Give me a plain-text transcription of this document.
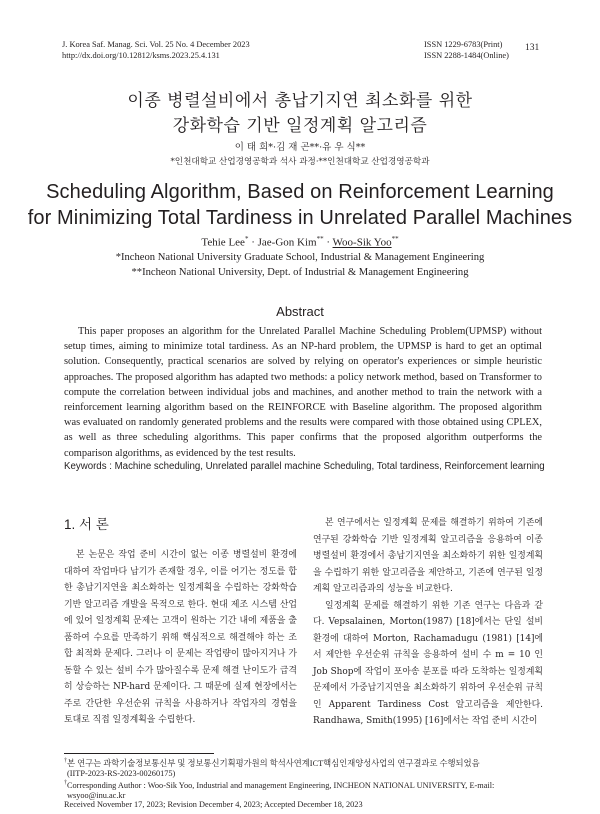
J. Korea Saf. Manag. Sci. Vol. 25 No. 4 December 2023
http://dx.doi.org/10.12812/ksms.2023.25.4.131
ISSN 1229-6783(Print)
ISSN 2288-1484(Online)
131
이종 병렬설비에서 총납기지연 최소화를 위한
강화학습 기반 일정계획 알고리즘
이 태 희*·김 재 곤**·유 우 식**
*인천대학교 산업경영공학과 석사 과정·**인천대학교 산업경영공학과
Scheduling Algorithm, Based on Reinforcement Learning
for Minimizing Total Tardiness in Unrelated Parallel Machines
Tehie Lee* · Jae-Gon Kim** · Woo-Sik Yoo**
*Incheon National University Graduate School, Industrial & Management Engineering
**Incheon National University, Dept. of Industrial & Management Engineering
Abstract
This paper proposes an algorithm for the Unrelated Parallel Machine Scheduling Problem(UPMSP) without setup times, aiming to minimize total tardiness. As an NP-hard problem, the UPMSP is hard to get an optimal solution. Consequently, practical scenarios are solved by relying on operator's experiences or simple heuristic approaches. The proposed algorithm has adapted two methods: a policy network method, based on Transformer to compute the correlation between individual jobs and machines, and another method to train the network with a reinforcement learning algorithm based on the REINFORCE with Baseline algorithm. The proposed algorithm was evaluated on randomly generated problems and the results were compared with those obtained using CPLEX, as well as three scheduling algorithms. This paper confirms that the proposed algorithm outperforms the comparison algorithms, as evidenced by the test results.
Keywords : Machine scheduling, Unrelated parallel machine Scheduling, Total tardiness, Reinforcement learning
1. 서 론

본 논문은 작업 준비 시간이 없는 이종 병렬설비 환경에 대하여 작업마다 납기가 존재할 경우, 이를 어기는 정도를 합한 총납기지연을 최소화하는 일정계획을 수립하는 강화학습 기반 알고리즘 개발을 목적으로 한다. 현대 제조 시스템 산업에 있어 일정계획 문제는 고객이 원하는 기간 내에 제품을 출품하여 수요를 만족하기 위해 핵심적으로 해결해야 하는 조합 최적화 문제다. 그러나 이 문제는 작업량이 많아지거나 가동할 수 있는 설비 수가 많아질수록 문제 해결 난이도가 급격히 상승하는 NP-hard 문제이다. 그 때문에 실제 현장에서는 주로 간단한 우선순위 규칙을 사용하거나 작업자의 경험을 토대로 직접 일정계획을 수립한다.

본 연구에서는 일정계획 문제를 해결하기 위하여 기존에 연구된 강화학습 기반 일정계획 알고리즘을 응용하여 이종 병렬설비 환경에서 총납기지연을 최소화하기 위한 일정계획을 수립하기 위한 알고리즘을 제안하고, 기존에 연구된 일정계획 알고리즘과의 성능을 비교한다.

일정계획 문제를 해결하기 위한 기존 연구는 다음과 같다. Vepsalainen, Morton(1987) [18]에서는 단일 설비 환경에 대하여 Morton, Rachamadugu (1981) [14]에서 제안한 우선순위 규칙을 응용하여 설비 수 m = 10 인 Job Shop에 작업이 포아송 분포를 따라 도착하는 일정계획 문제에서 가중납기지연을 최소화하기 위하여 우선순위 규칙인 Apparent Tardiness Cost 알고리즘을 제안한다. Randhawa, Smith(1995) [16]에서는 작업 준비 시간이

†본 연구는 과학기술정보통신부 및 정보통신기획평가원의 학석사연계ICT핵심인재양성사업의 연구결과로 수행되었음
(IITP-2023-RS-2023-00260175)
†Corresponding Author : Woo-Sik Yoo, Industrial and management Engineering, INCHEON NATIONAL UNIVERSITY, E-mail:
wsyoo@inu.ac.kr
Received November 17, 2023; Revision December 4, 2023; Accepted December 18, 2023
